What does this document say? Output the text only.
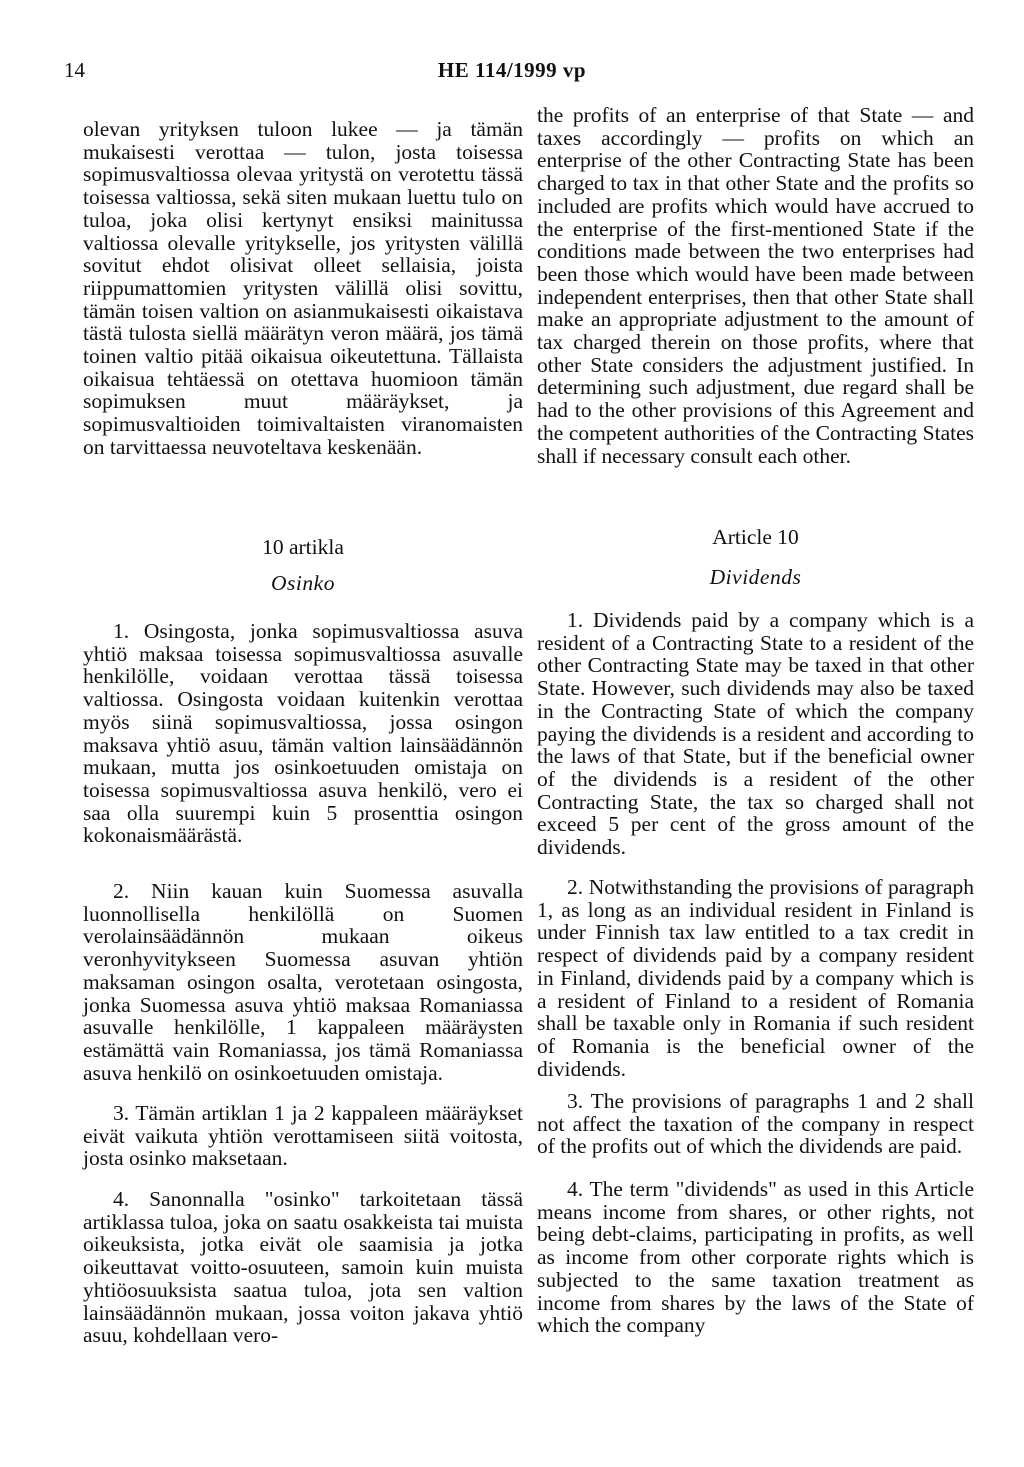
14	HE 114/1999 vp

olevan yrityksen tuloon lukee — ja tämän mukaisesti verottaa — tulon, josta toisessa sopimusvaltiossa olevaa yritystä on verotettu tässä toisessa valtiossa, sekä siten mukaan luettu tulo on tuloa, joka olisi kertynyt ensiksi mainitussa valtiossa olevalle yritykselle, jos yritysten välillä sovitut ehdot olisivat olleet sellaisia, joista riippumattomien yritysten välillä olisi sovittu, tämän toisen valtion on asianmukaisesti oikaistava tästä tulosta siellä määrätyn veron määrä, jos tämä toinen valtio pitää oikaisua oikeutettuna. Tällaista oikaisua tehtäessä on otettava huomioon tämän sopimuksen muut määräykset, ja sopimusvaltioiden toimivaltaisten viranomaisten on tarvittaessa neuvoteltava keskenään.

10 artikla

Osinko

1. Osingosta, jonka sopimusvaltiossa asuva yhtiö maksaa toisessa sopimusvaltiossa asuvalle henkilölle, voidaan verottaa tässä toisessa valtiossa. Osingosta voidaan kuitenkin verottaa myös siinä sopimusvaltiossa, jossa osingon maksava yhtiö asuu, tämän valtion lainsäädännön mukaan, mutta jos osinkoetuuden omistaja on toisessa sopimusvaltiossa asuva henkilö, vero ei saa olla suurempi kuin 5 prosenttia osingon kokonaismäärästä.

2. Niin kauan kuin Suomessa asuvalla luonnollisella henkilöllä on Suomen verolainsäädännön mukaan oikeus veronhyvitykseen Suomessa asuvan yhtiön maksaman osingon osalta, verotetaan osingosta, jonka Suomessa asuva yhtiö maksaa Romaniassa asuvalle henkilölle, 1 kappaleen määräysten estämättä vain Romaniassa, jos tämä Romaniassa asuva henkilö on osinkoetuuden omistaja.

3. Tämän artiklan 1 ja 2 kappaleen määräykset eivät vaikuta yhtiön verottamiseen siitä voitosta, josta osinko maksetaan.

4. Sanonnalla "osinko" tarkoitetaan tässä artiklassa tuloa, joka on saatu osakkeista tai muista oikeuksista, jotka eivät ole saamisia ja jotka oikeuttavat voitto-osuuteen, samoin kuin muista yhtiöosuuksista saatua tuloa, jota sen valtion lainsäädännön mukaan, jossa voiton jakava yhtiö asuu, kohdellaan vero-

the profits of an enterprise of that State — and taxes accordingly — profits on which an enterprise of the other Contracting State has been charged to tax in that other State and the profits so included are profits which would have accrued to the enterprise of the first-mentioned State if the conditions made between the two enterprises had been those which would have been made between independent enterprises, then that other State shall make an appropriate adjustment to the amount of tax charged therein on those profits, where that other State considers the adjustment justified. In determining such adjustment, due regard shall be had to the other provisions of this Agreement and the competent authorities of the Contracting States shall if necessary consult each other.

Article 10

Dividends

1. Dividends paid by a company which is a resident of a Contracting State to a resident of the other Contracting State may be taxed in that other State. However, such dividends may also be taxed in the Contracting State of which the company paying the dividends is a resident and according to the laws of that State, but if the beneficial owner of the dividends is a resident of the other Contracting State, the tax so charged shall not exceed 5 per cent of the gross amount of the dividends.

2. Notwithstanding the provisions of paragraph 1, as long as an individual resident in Finland is under Finnish tax law entitled to a tax credit in respect of dividends paid by a company resident in Finland, dividends paid by a company which is a resident of Finland to a resident of Romania shall be taxable only in Romania if such resident of Romania is the beneficial owner of the dividends.

3. The provisions of paragraphs 1 and 2 shall not affect the taxation of the company in respect of the profits out of which the dividends are paid.

4. The term "dividends" as used in this Article means income from shares, or other rights, not being debt-claims, participating in profits, as well as income from other corporate rights which is subjected to the same taxation treatment as income from shares by the laws of the State of which the company
